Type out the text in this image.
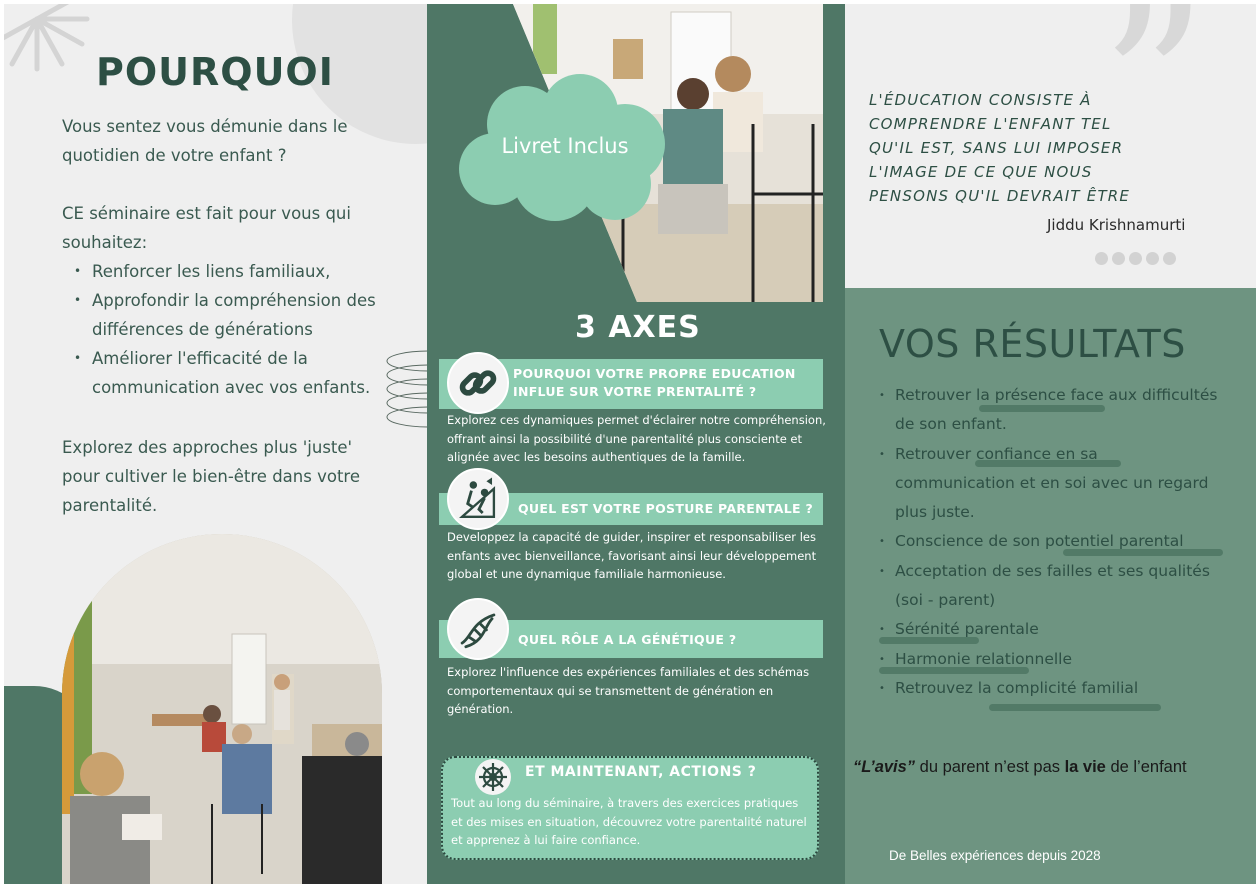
POURQUOI

Vous sentez vous démunie dans le quotidien de votre enfant ?

CE séminaire est fait pour vous qui souhaitez:

• Renforcer les liens familiaux,
• Approfondir la compréhension des différences de générations
• Améliorer l'efficacité de la communication avec vos enfants.

Explorez des approches plus 'juste' pour cultiver le bien-être dans votre parentalité.

Livret Inclus
3 AXES
POURQUOI VOTRE PROPRE EDUCATION
INFLUE SUR VOTRE PRENTALITÉ ?

Explorez ces dynamiques permet d'éclairer notre compréhension, offrant ainsi la possibilité d'une parentalité plus consciente et alignée avec les besoins authentiques de la famille.

QUEL EST VOTRE POSTURE PARENTALE ?

Developpez la capacité de guider, inspirer et responsabiliser les enfants avec bienveillance, favorisant ainsi leur développement global et une dynamique familiale harmonieuse.

QUEL RÔLE A LA GÉNÉTIQUE ?

Explorez l'influence des expériences familiales et des schémas comportementaux qui se transmettent de génération en génération.

ET MAINTENANT, ACTIONS ?

Tout au long du séminaire, à travers des exercices pratiques et des mises en situation, découvrez votre parentalité naturel et apprenez à lui faire confiance.

”
L'ÉDUCATION CONSISTE À
COMPRENDRE L'ENFANT TEL
QU'IL EST, SANS LUI IMPOSER
L'IMAGE DE CE QUE NOUS
PENSONS QU'IL DEVRAIT ÊTRE
Jiddu Krishnamurti
VOS RÉSULTATS
• Retrouver la présence face aux difficultés de son enfant.
• Retrouver confiance en sa communication et en soi avec un regard plus juste.
• Conscience de son potentiel parental
• Acceptation de ses failles et ses qualités (soi - parent)
• Sérénité parentale
• Harmonie relationnelle
• Retrouvez la complicité familial

“L’avis” du parent n’est pas la vie de l’enfant

De Belles expériences depuis 2028
